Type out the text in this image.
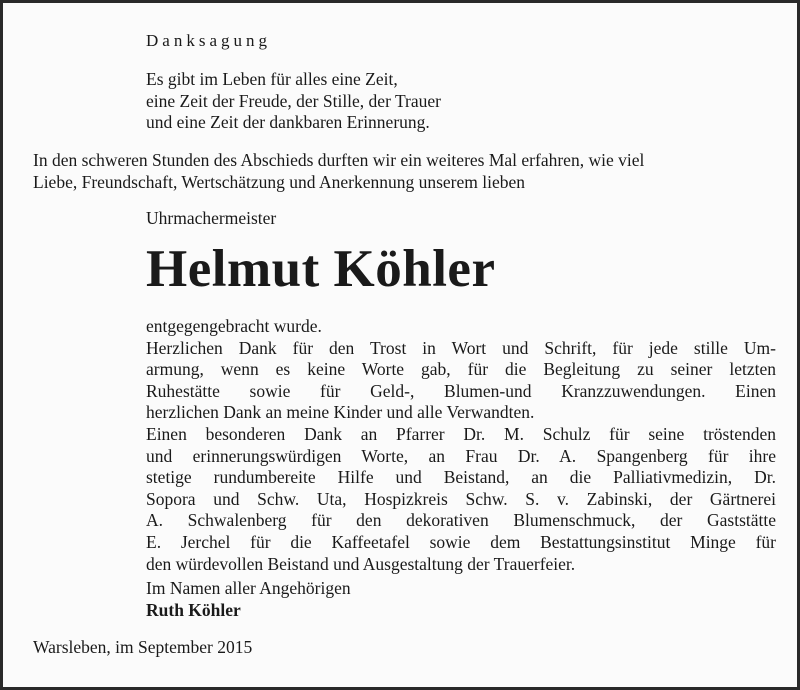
Danksagung
Es gibt im Leben für alles eine Zeit,
eine Zeit der Freude, der Stille, der Trauer
und eine Zeit der dankbaren Erinnerung.
In den schweren Stunden des Abschieds durften wir ein weiteres Mal erfahren, wie viel
Liebe, Freundschaft, Wertschätzung und Anerkennung unserem lieben
Uhrmachermeister
Helmut Köhler
entgegengebracht wurde.
Herzlichen Dank für den Trost in Wort und Schrift, für jede stille Um-
armung, wenn es keine Worte gab, für die Begleitung zu seiner letzten
Ruhestätte sowie für Geld-, Blumen-und Kranzzuwendungen. Einen
herzlichen Dank an meine Kinder und alle Verwandten.
Einen besonderen Dank an Pfarrer Dr. M. Schulz für seine tröstenden
und erinnerungswürdigen Worte, an Frau Dr. A. Spangenberg für ihre
stetige rundumbereite Hilfe und Beistand, an die Palliativmedizin, Dr.
Sopora und Schw. Uta, Hospizkreis Schw. S. v. Zabinski, der Gärtnerei
A. Schwalenberg für den dekorativen Blumenschmuck, der Gaststätte
E. Jerchel für die Kaffeetafel sowie dem Bestattungsinstitut Minge für
den würdevollen Beistand und Ausgestaltung der Trauerfeier.
Im Namen aller Angehörigen
Ruth Köhler
Warsleben, im September 2015
